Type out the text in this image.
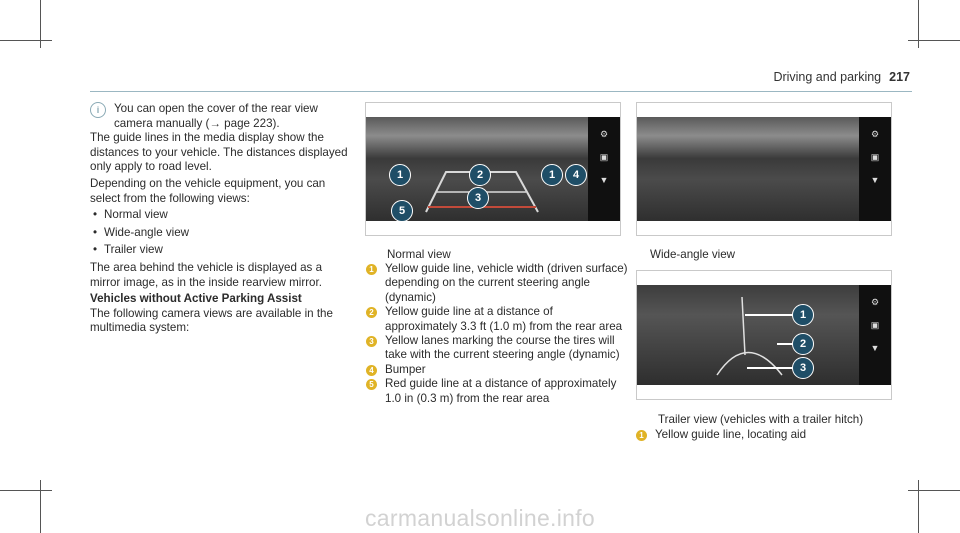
Driving and parking 217
i	You can open the cover of the rear view camera manually (→ page 223).

The guide lines in the media display show the distances to your vehicle. The distances displayed only apply to road level.

Depending on the vehicle equipment, you can select from the following views:

• Normal view
• Wide-angle view
• Trailer view

The area behind the vehicle is displayed as a mirror image, as in the inside rearview mirror.

Vehicles without Active Parking Assist

The following camera views are available in the multimedia system:

⚙
▣
▼
1	2	1	4
3
5
Normal view
1 Yellow guide line, vehicle width (driven surface) depending on the current steering angle (dynamic)
2 Yellow guide line at a distance of approximately 3.3 ft (1.0 m) from the rear area
3 Yellow lanes marking the course the tires will take with the current steering angle (dynamic)
4 Bumper
5 Red guide line at a distance of approximately 1.0 in (0.3 m) from the rear area
⚙
▣
▼
Wide-angle view
⚙
▣
▼
1
2
3
Trailer view (vehicles with a trailer hitch)
1 Yellow guide line, locating aid
carmanualsonline.info
